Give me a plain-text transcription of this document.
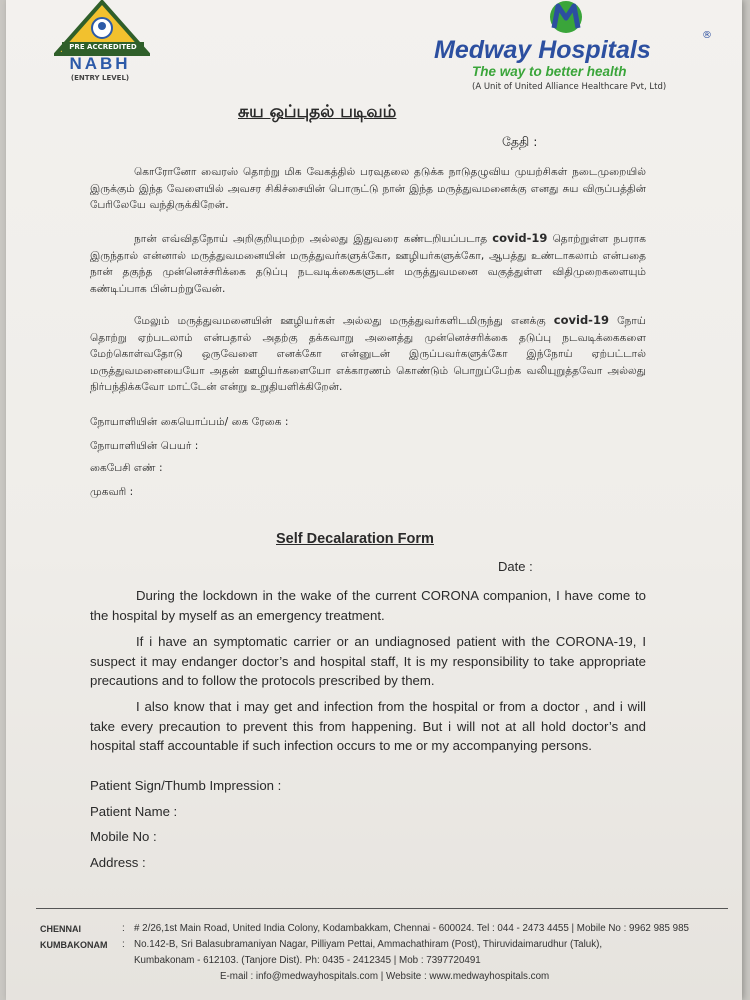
PRE ACCREDITED
NABH
(ENTRY LEVEL)
Medway Hospitals
®
The way to better health
(A Unit of United Alliance Healthcare Pvt, Ltd)
சுய ஒப்புதல் படிவம்
தேதி :
கொரோனோ வைரஸ் தொற்று மிக வேகத்தில் பரவுதலை தடுக்க நாடுதழுவிய முயற்சிகள் நடைமுறையில் இருக்கும் இந்த வேளையில் அவசர சிகிச்சையின் பொருட்டு நான் இந்த மருத்துவமனைக்கு எனது சுய விருப்பத்தின் பேரிலேயே வந்திருக்கிறேன்.
நான் எவ்விதநோய் அறிகுறியுமற்ற அல்லது இதுவரை கண்டறியப்படாத covid-19 தொற்றுள்ள நபராக இருந்தால் என்னால் மருத்துவமனையின் மருத்துவர்களுக்கோ, ஊழியர்களுக்கோ, ஆபத்து உண்டாகலாம் என்பதை நான் தகுந்த முன்னெச்சரிக்கை தடுப்பு நடவடிக்கைகளுடன் மருத்துவமனை வகுத்துள்ள விதிமுறைகளையும் கண்டிப்பாக பின்பற்றுவேன்.
மேலும் மருத்துவமனையின் ஊழியர்கள் அல்லது மருத்துவர்களிடமிருந்து எனக்கு covid-19 நோய் தொற்று ஏற்படலாம் என்பதால் அதற்கு தக்கவாறு அனைத்து முன்னெச்சரிக்கை தடுப்பு நடவடிக்கைகளை மேற்கொள்வதோடு ஒருவேளை எனக்கோ என்னுடன் இருப்பவர்களுக்கோ இந்நோய் ஏற்பட்டால் மருத்துவமனையையோ அதன் ஊழியர்களையோ எக்காரணம் கொண்டும் பொறுப்பேற்க வலியுறுத்தவோ அல்லது நிர்பந்திக்கவோ மாட்டேன் என்று உறுதியளிக்கிறேன்.
நோயாளியின் கையொப்பம்/ கை ரேகை :
நோயாளியின் பெயர் :
கைபேசி எண் :
முகவரி :
Self Decalaration Form
Date :
During the lockdown in the wake of the current CORONA companion, I have come to the hospital by myself as an emergency treatment.
If i have an symptomatic carrier or an undiagnosed patient with the CORONA-19, I suspect it may endanger doctor’s and hospital staff, It is my responsibility to take appropriate precautions and to follow the protocols prescribed by them.
I also know that i may get and infection from the hospital or from a doctor , and i will take every precaution to prevent this from happening. But i will not at all hold doctor’s and hospital staff accountable if such infection occurs to me or my accompanying persons.
Patient Sign/Thumb Impression :
Patient Name :
Mobile No :
Address :
CHENNAI	: # 2/26,1st Main Road, United India Colony, Kodambakkam, Chennai - 600024. Tel : 044 - 2473 4455 | Mobile No : 9962 985 985
KUMBAKONAM : No.142-B, Sri Balasubramaniyan Nagar, Pilliyam Pettai, Ammachathiram (Post), Thiruvidaimarudhur (Taluk),
Kumbakonam - 612103. (Tanjore Dist). Ph: 0435 - 2412345 | Mob : 7397720491
E-mail : info@medwayhospitals.com | Website : www.medwayhospitals.com
